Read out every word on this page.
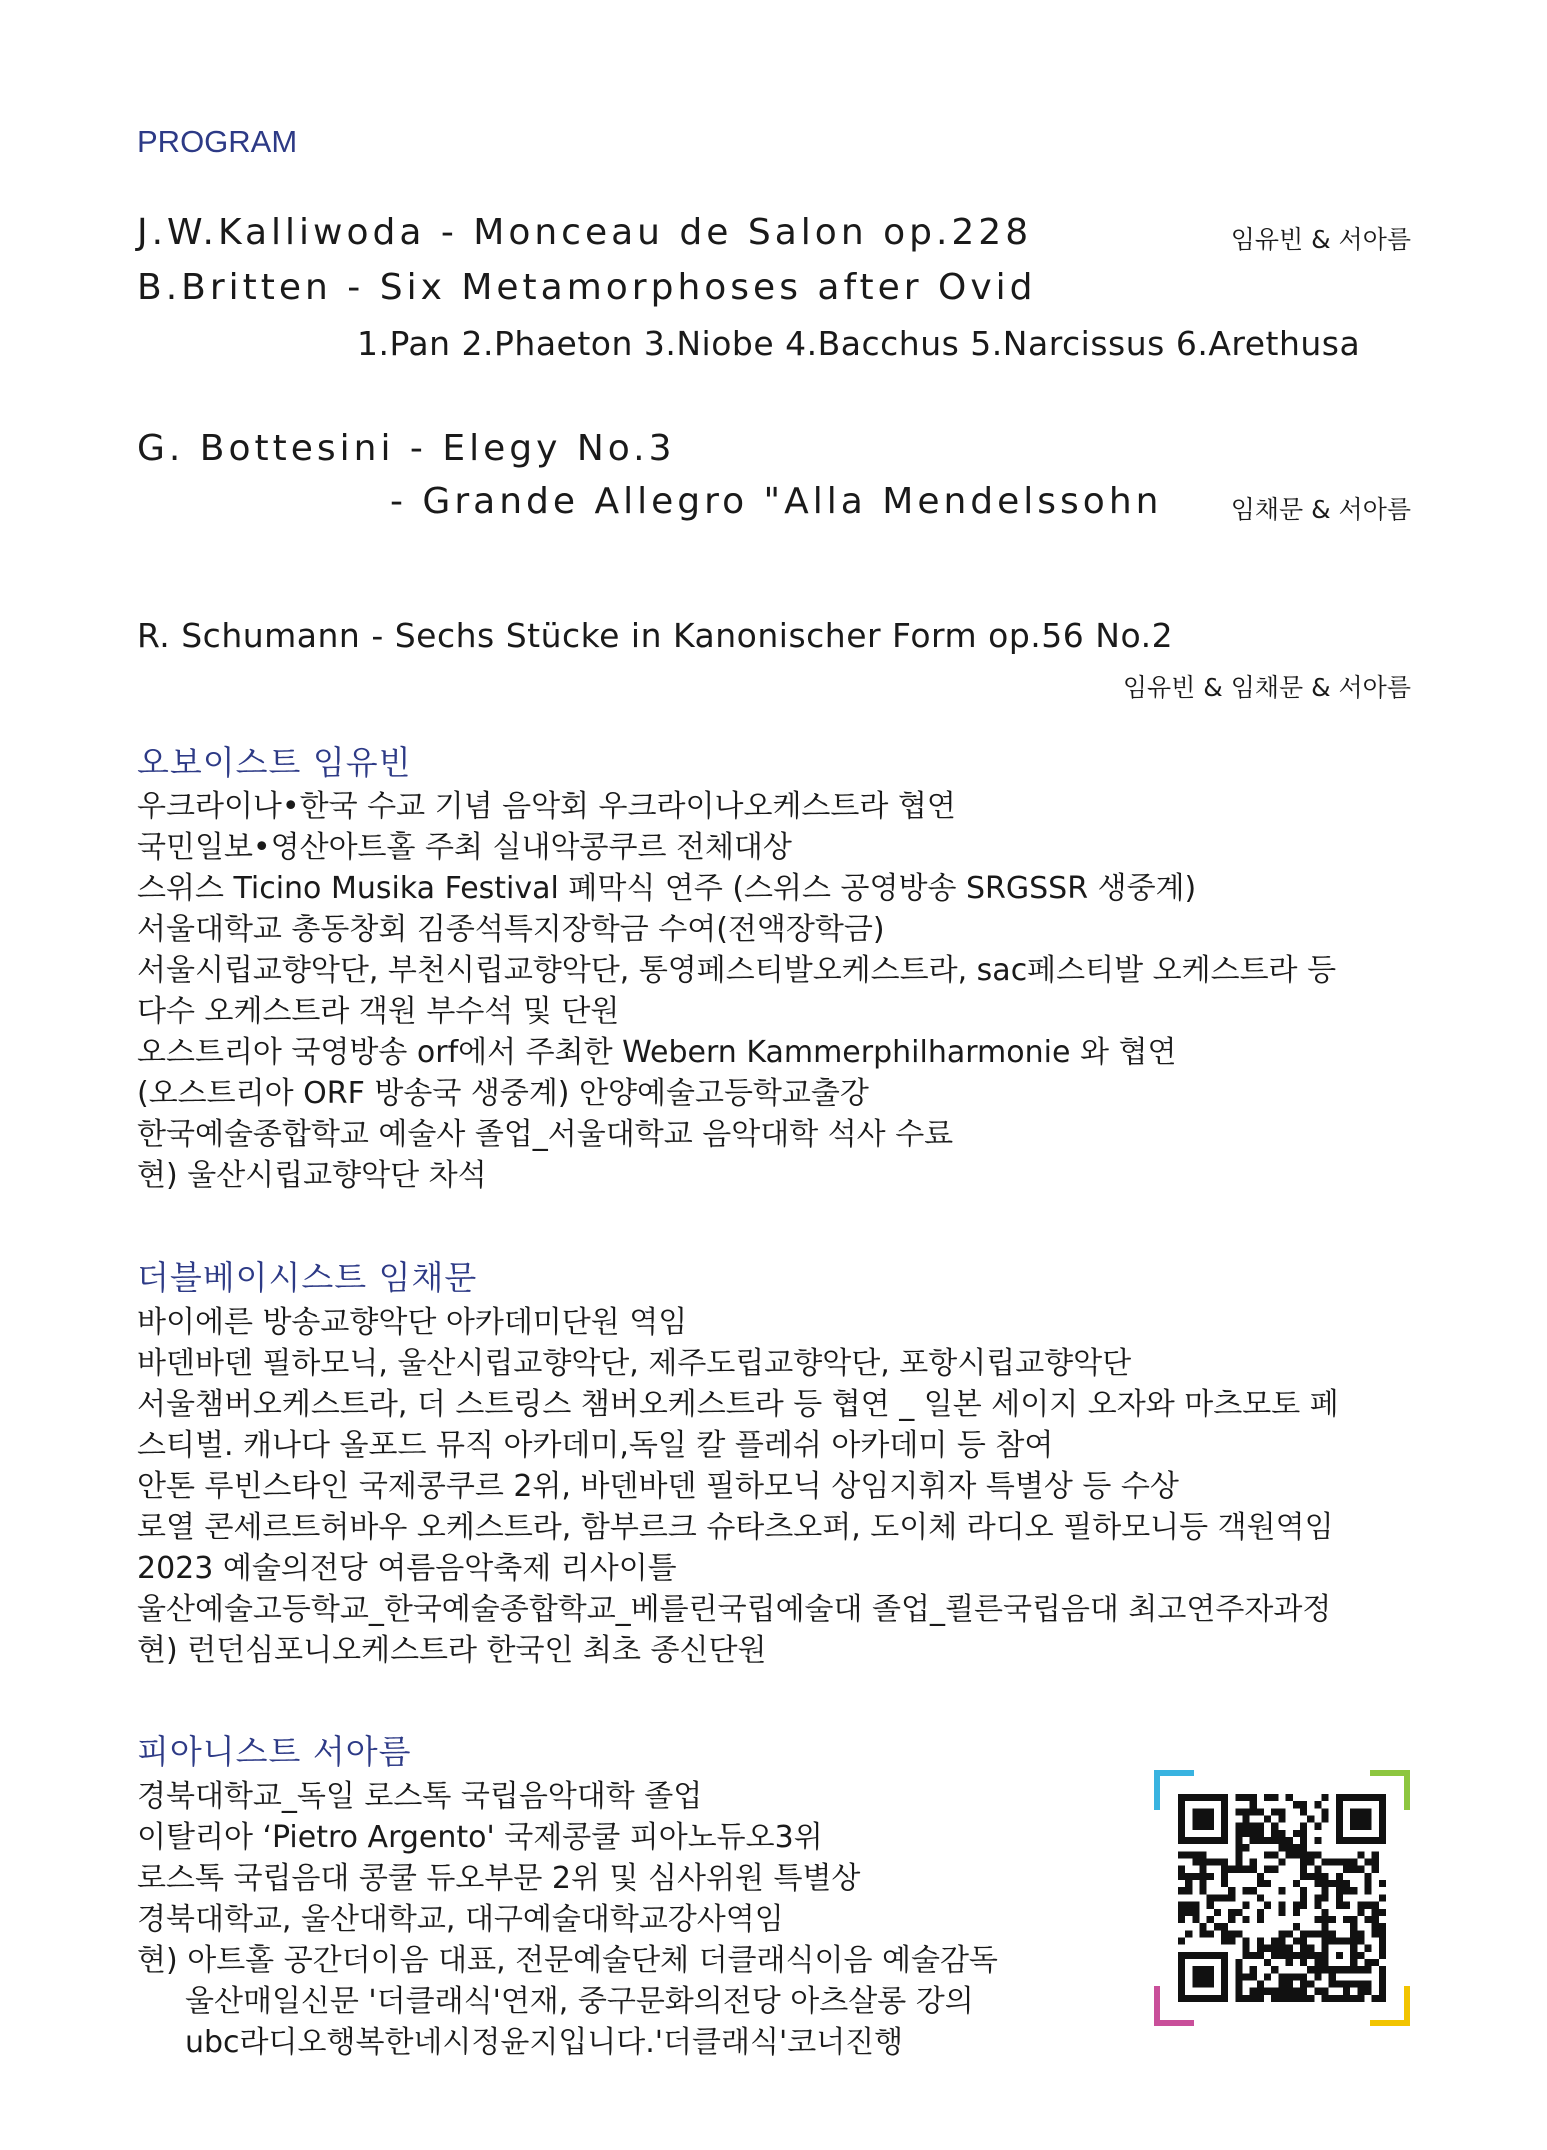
PROGRAM
J.W.Kalliwoda - Monceau de Salon op.228	임유빈 & 서아름
B.Britten - Six Metamorphoses after Ovid
1.Pan 2.Phaeton 3.Niobe 4.Bacchus 5.Narcissus 6.Arethusa
G. Bottesini - Elegy No.3
- Grande Allegro "Alla Mendelssohn	임채문 & 서아름
R. Schumann - Sechs Stücke in Kanonischer Form op.56 No.2
임유빈 & 임채문 & 서아름
오보이스트 임유빈
우크라이나•한국 수교 기념 음악회 우크라이나오케스트라 협연
국민일보•영산아트홀 주최 실내악콩쿠르 전체대상
스위스 Ticino Musika Festival 폐막식 연주 (스위스 공영방송 SRGSSR 생중계)
서울대학교 총동창회 김종석특지장학금 수여(전액장학금)
서울시립교향악단, 부천시립교향악단, 통영페스티발오케스트라, sac페스티발 오케스트라 등
다수 오케스트라 객원 부수석 및 단원
오스트리아 국영방송 orf에서 주최한 Webern Kammerphilharmonie 와 협연
(오스트리아 ORF 방송국 생중계) 안양예술고등학교출강
한국예술종합학교 예술사 졸업_서울대학교 음악대학 석사 수료
현) 울산시립교향악단 차석
더블베이시스트 임채문
바이에른 방송교향악단 아카데미단원 역임
바덴바덴 필하모닉, 울산시립교향악단, 제주도립교향악단, 포항시립교향악단
서울챔버오케스트라, 더 스트링스 챔버오케스트라 등 협연 _ 일본 세이지 오자와 마츠모토 페
스티벌. 캐나다 올포드 뮤직 아카데미,독일 칼 플레쉬 아카데미 등 참여
안톤 루빈스타인 국제콩쿠르 2위, 바덴바덴 필하모닉 상임지휘자 특별상 등 수상
로열 콘세르트허바우 오케스트라, 함부르크 슈타츠오퍼, 도이체 라디오 필하모니등 객원역임
2023 예술의전당 여름음악축제 리사이틀
울산예술고등학교_한국예술종합학교_베를린국립예술대 졸업_쾰른국립음대 최고연주자과정
현) 런던심포니오케스트라 한국인 최초 종신단원
피아니스트 서아름
경북대학교_독일 로스톡 국립음악대학 졸업
이탈리아 ‘Pietro Argento' 국제콩쿨 피아노듀오3위
로스톡 국립음대 콩쿨 듀오부문 2위 및 심사위원 특별상
경북대학교, 울산대학교, 대구예술대학교강사역임
현) 아트홀 공간더이음 대표, 전문예술단체 더클래식이음 예술감독
울산매일신문 '더클래식'연재, 중구문화의전당 아츠살롱 강의
ubc라디오행복한네시정윤지입니다.'더클래식'코너진행
